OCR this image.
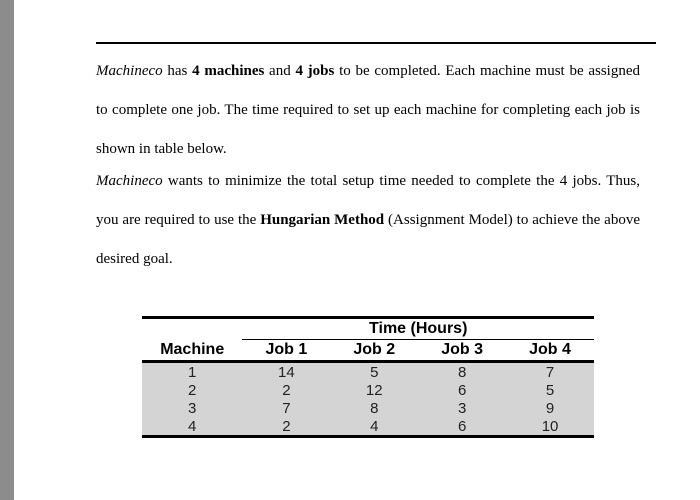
Machineco has 4 machines and 4 jobs to be completed. Each machine must be assigned to complete one job. The time required to set up each machine for completing each job is shown in table below.
Machineco wants to minimize the total setup time needed to complete the 4 jobs. Thus, you are required to use the Hungarian Method (Assignment Model) to achieve the above desired goal.
	Time (Hours)			
Machine	Job 1	Job 2	Job 3	Job 4
1	14	5	8	7
2	2	12	6	5
3	7	8	3	9
4	2	4	6	10
